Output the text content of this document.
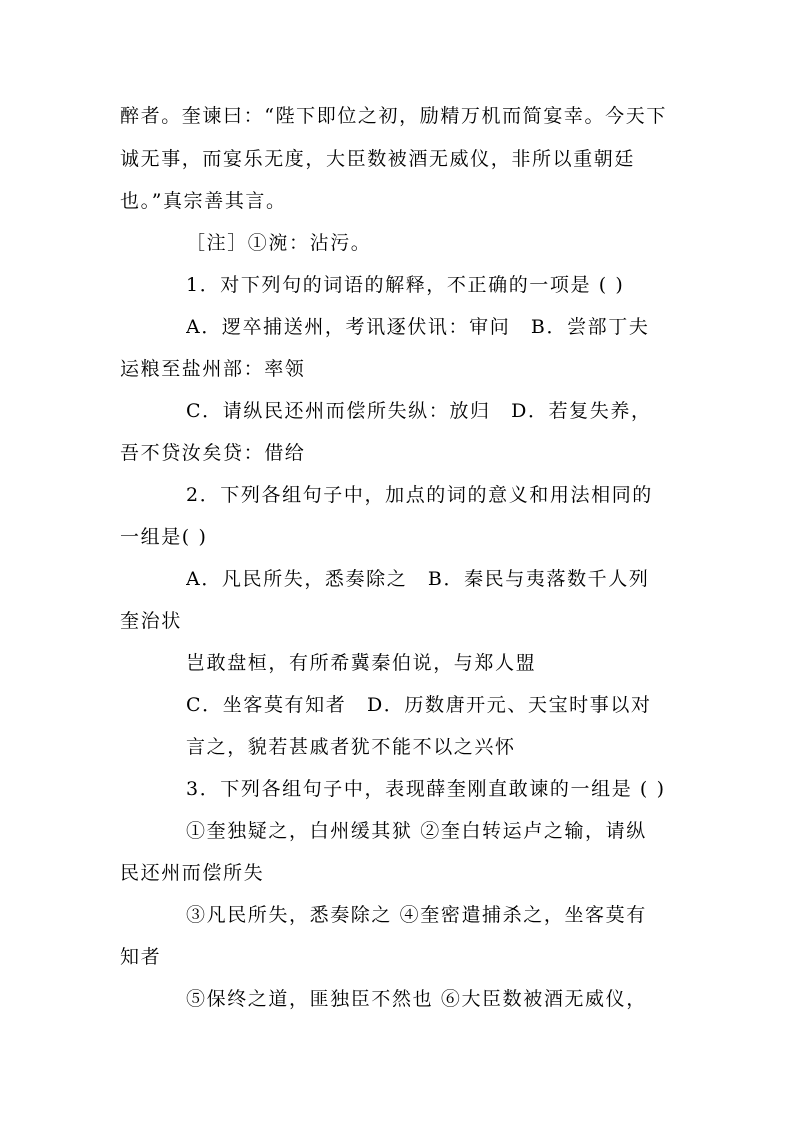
醉者。奎谏曰：“陛下即位之初，励精万机而简宴幸。今天下
诚无事，而宴乐无度，大臣数被酒无威仪，非所以重朝廷
也。”真宗善其言。
［注］①涴：沾污。
1．对下列句的词语的解释，不正确的一项是 ( )
A．逻卒捕送州，考讯逐伏讯：审问　B．尝部丁夫
运粮至盐州部：率领
C．请纵民还州而偿所失纵：放归　D．若复失养，
吾不贷汝矣贷：借给
2．下列各组句子中，加点的词的意义和用法相同的
一组是( )
A．凡民所失，悉奏除之　B．秦民与夷落数千人列
奎治状
岂敢盘桓，有所希冀秦伯说，与郑人盟
C．坐客莫有知者　D．历数唐开元、天宝时事以对
言之，貌若甚戚者犹不能不以之兴怀
3．下列各组句子中，表现薛奎刚直敢谏的一组是 ( )
①奎独疑之，白州缓其狱 ②奎白转运卢之输，请纵
民还州而偿所失
③凡民所失，悉奏除之 ④奎密遣捕杀之，坐客莫有
知者
⑤保终之道，匪独臣不然也 ⑥大臣数被酒无威仪，
